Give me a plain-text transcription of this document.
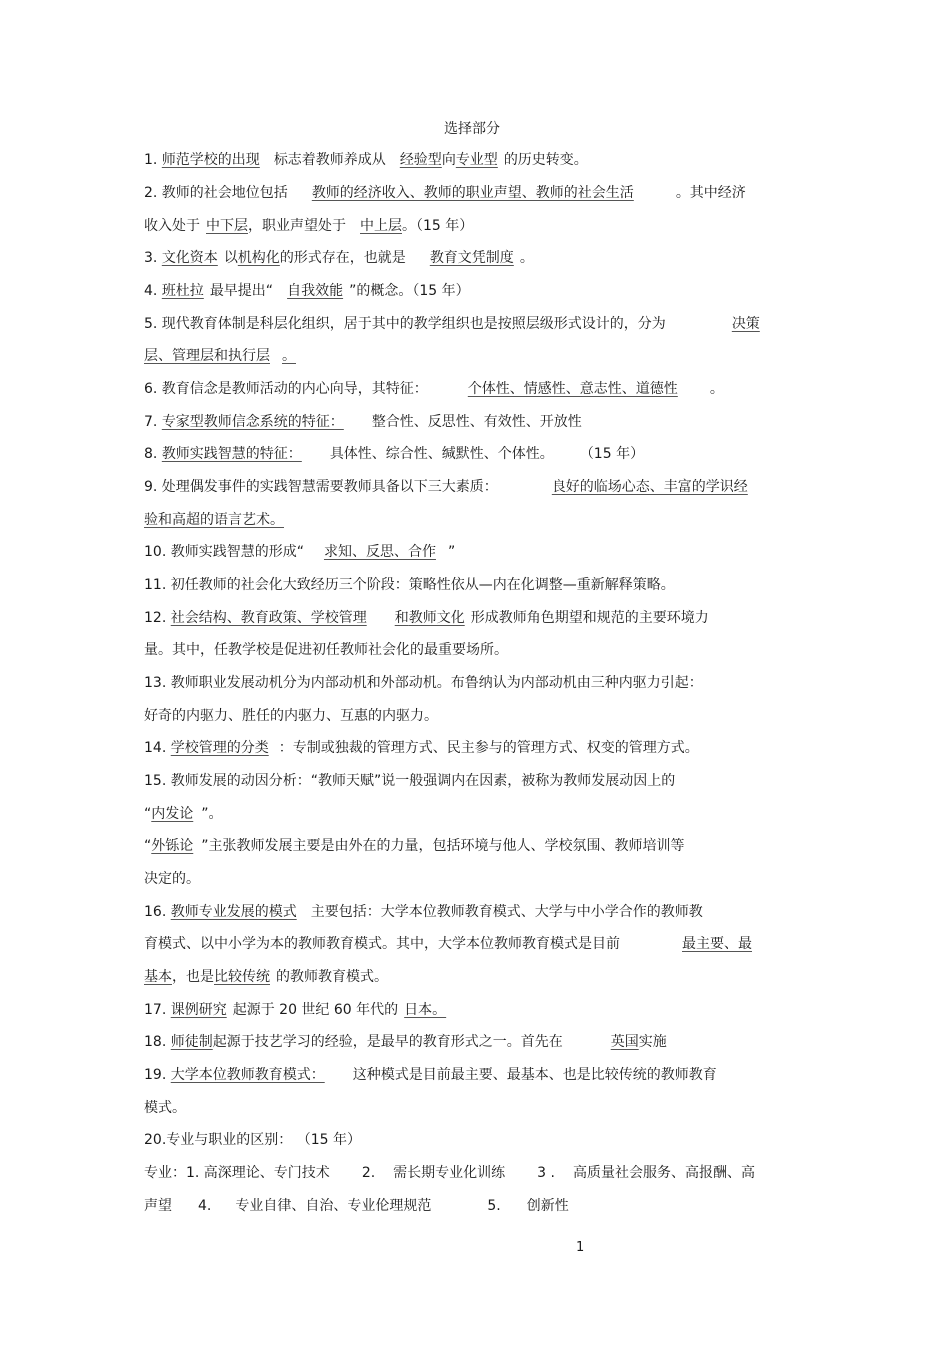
选择部分
1. 师范学校的出现 标志着教师养成从 经验型向专业型 的历史转变。
2. 教师的社会地位包括 教师的经济收入、教师的职业声望、教师的社会生活	。其中经济
收入处于 中下层，职业声望处于 中上层。（15 年）
3. 文化资本 以机构化的形式存在，也就是 教育文凭制度 。
4. 班杜拉 最早提出“ 自我效能 ”的概念。（15 年）
5. 现代教育体制是科层化组织，居于其中的教学组织也是按照层级形式设计的，分为	决策
层、管理层和执行层 。
6. 教育信念是教师活动的内心向导，其特征：	个体性、情感性、意志性、道德性 。
7. 专家型教师信念系统的特征： 整合性、反思性、有效性、开放性
8. 教师实践智慧的特征： 具体性、综合性、缄默性、个体性。 （15 年）
9. 处理偶发事件的实践智慧需要教师具备以下三大素质：	良好的临场心态、丰富的学识经
验和高超的语言艺术。
10. 教师实践智慧的形成“ 求知、反思、合作 ”
11. 初任教师的社会化大致经历三个阶段：策略性依从—内在化调整—重新解释策略。
12. 社会结构、教育政策、学校管理 和教师文化 形成教师角色期望和规范的主要环境力
量。其中，任教学校是促进初任教师社会化的最重要场所。
13. 教师职业发展动机分为内部动机和外部动机。布鲁纳认为内部动机由三种内驱力引起：
好奇的内驱力、胜任的内驱力、互惠的内驱力。
14. 学校管理的分类 ：专制或独裁的管理方式、民主参与的管理方式、权变的管理方式。
15. 教师发展的动因分析：“教师天赋”说一般强调内在因素，被称为教师发展动因上的
“内发论 ”。
“外铄论 ”主张教师发展主要是由外在的力量，包括环境与他人、学校氛围、教师培训等
决定的。
16. 教师专业发展的模式 主要包括：大学本位教师教育模式、大学与中小学合作的教师教
育模式、以中小学为本的教师教育模式。其中，大学本位教师教育模式是目前	最主要、最
基本，也是比较传统 的教师教育模式。
17. 课例研究 起源于 20 世纪 60 年代的 日本。
18. 师徒制起源于技艺学习的经验，是最早的教育形式之一。首先在	英国实施
19. 大学本位教师教育模式： 这种模式是目前最主要、最基本、也是比较传统的教师教育
模式。
20.专业与职业的区别： （15 年）
专业：1. 高深理论、专门技术 2. 需长期专业化训练 3 . 高质量社会服务、高报酬、高
声望 4. 专业自律、自治、专业伦理规范	5. 创新性
1
